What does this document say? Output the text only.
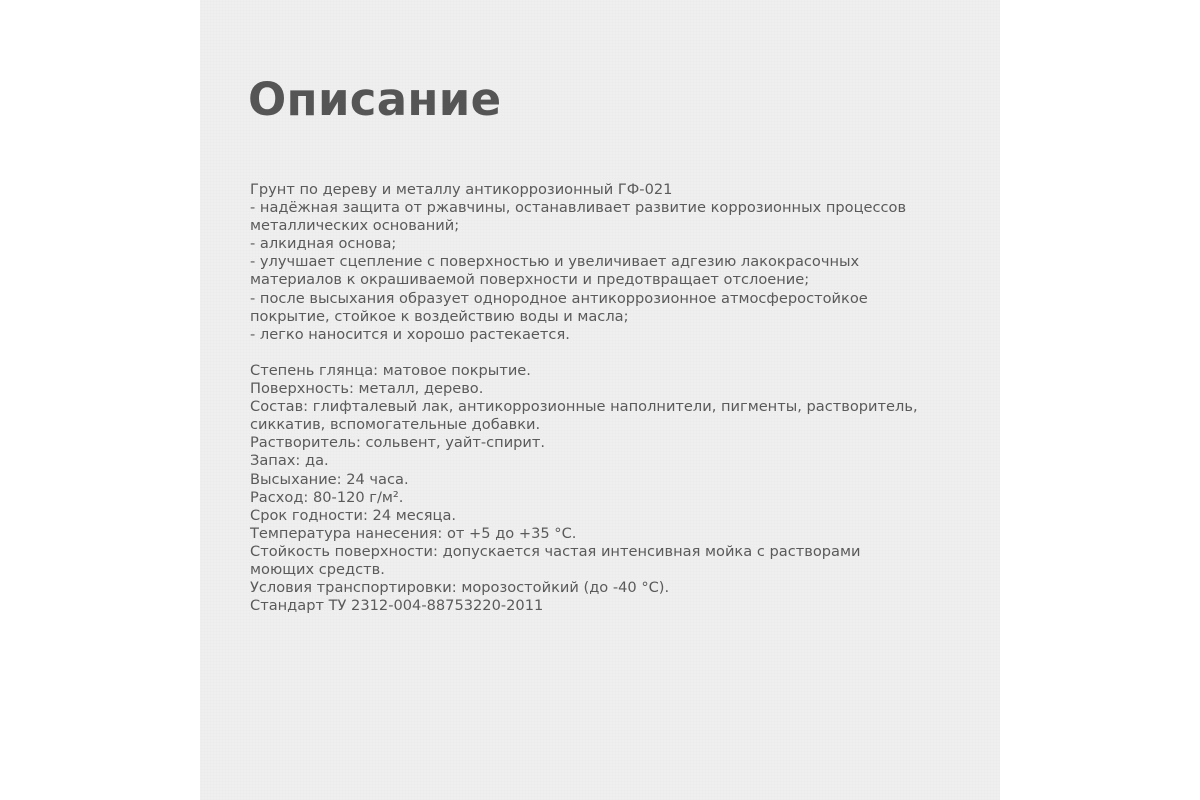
Описание
Грунт по дереву и металлу антикоррозионный ГФ-021
- надёжная защита от ржавчины, останавливает развитие коррозионных процессов
металлических оснований;
- алкидная основа;
- улучшает сцепление с поверхностью и увеличивает адгезию лакокрасочных
материалов к окрашиваемой поверхности и предотвращает отслоение;
- после высыхания образует однородное антикоррозионное атмосферостойкое
покрытие, стойкое к воздействию воды и масла;
- легко наносится и хорошо растекается.
Степень глянца: матовое покрытие.
Поверхность: металл, дерево.
Состав: глифталевый лак, антикоррозионные наполнители, пигменты, растворитель,
сиккатив, вспомогательные добавки.
Растворитель: сольвент, уайт-спирит.
Запах: да.
Высыхание: 24 часа.
Расход: 80-120 г/м².
Срок годности: 24 месяца.
Температура нанесения: от +5 до +35 °С.
Стойкость поверхности: допускается частая интенсивная мойка с растворами
моющих средств.
Условия транспортировки: морозостойкий (до -40 °С).
Стандарт ТУ 2312-004-88753220-2011
